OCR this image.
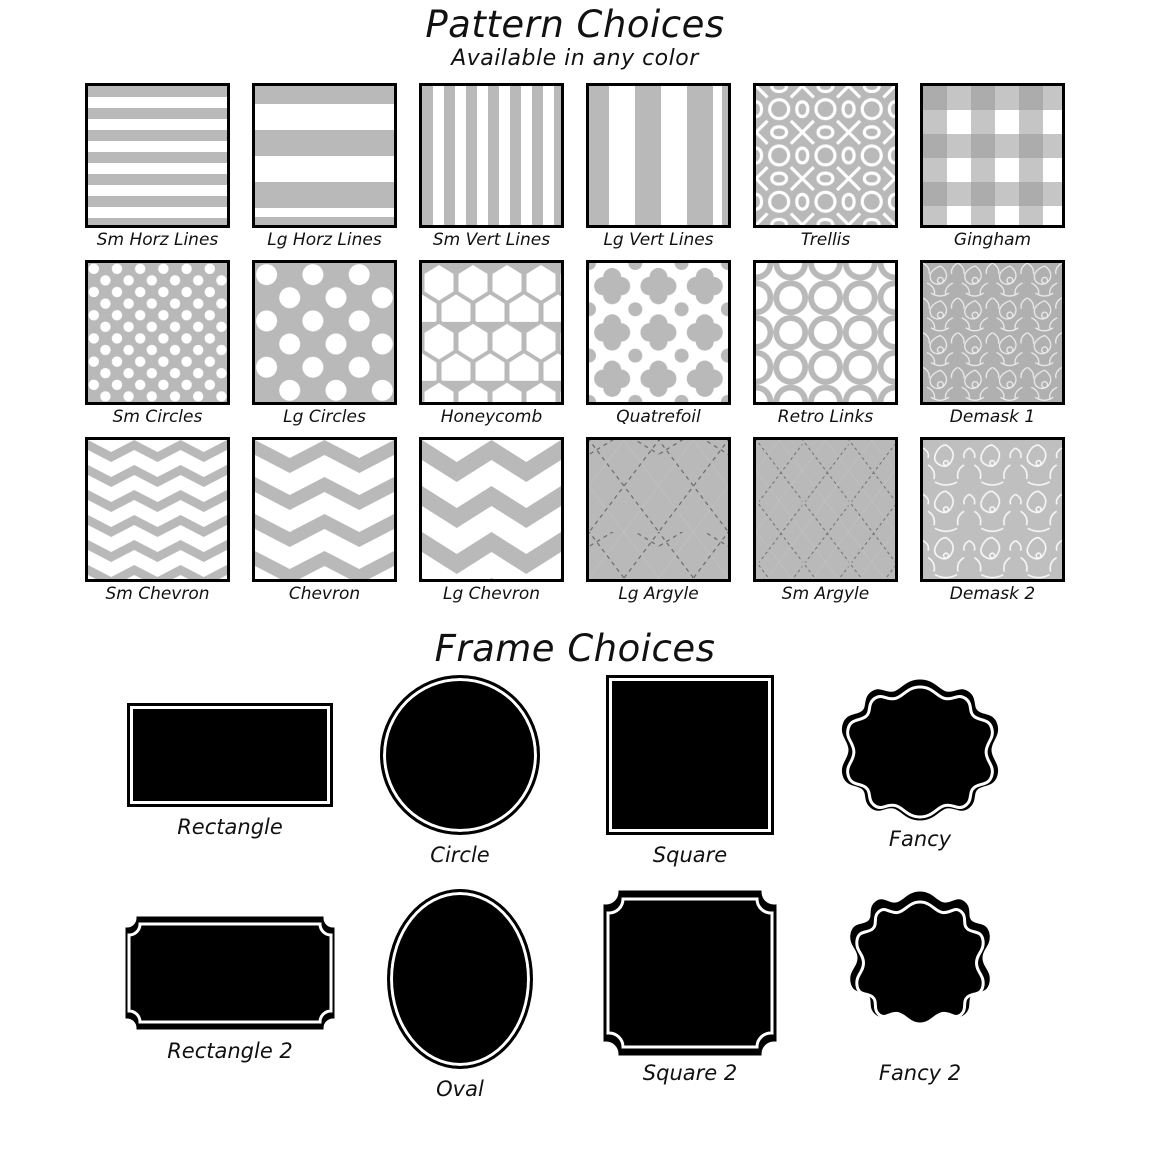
Pattern Choices
Available in any color
Sm Horz Lines	Lg Horz Lines	Sm Vert Lines	Lg Vert Lines	Trellis	Gingham
Sm Circles	Lg Circles	Honeycomb	Quatrefoil	Retro Links	Demask 1
Sm Chevron	Chevron	Lg Chevron	Lg Argyle	Sm Argyle	Demask 2
Frame Choices
Rectangle
Circle	Square
Fancy
Rectangle 2
Oval
Square 2	Fancy 2
